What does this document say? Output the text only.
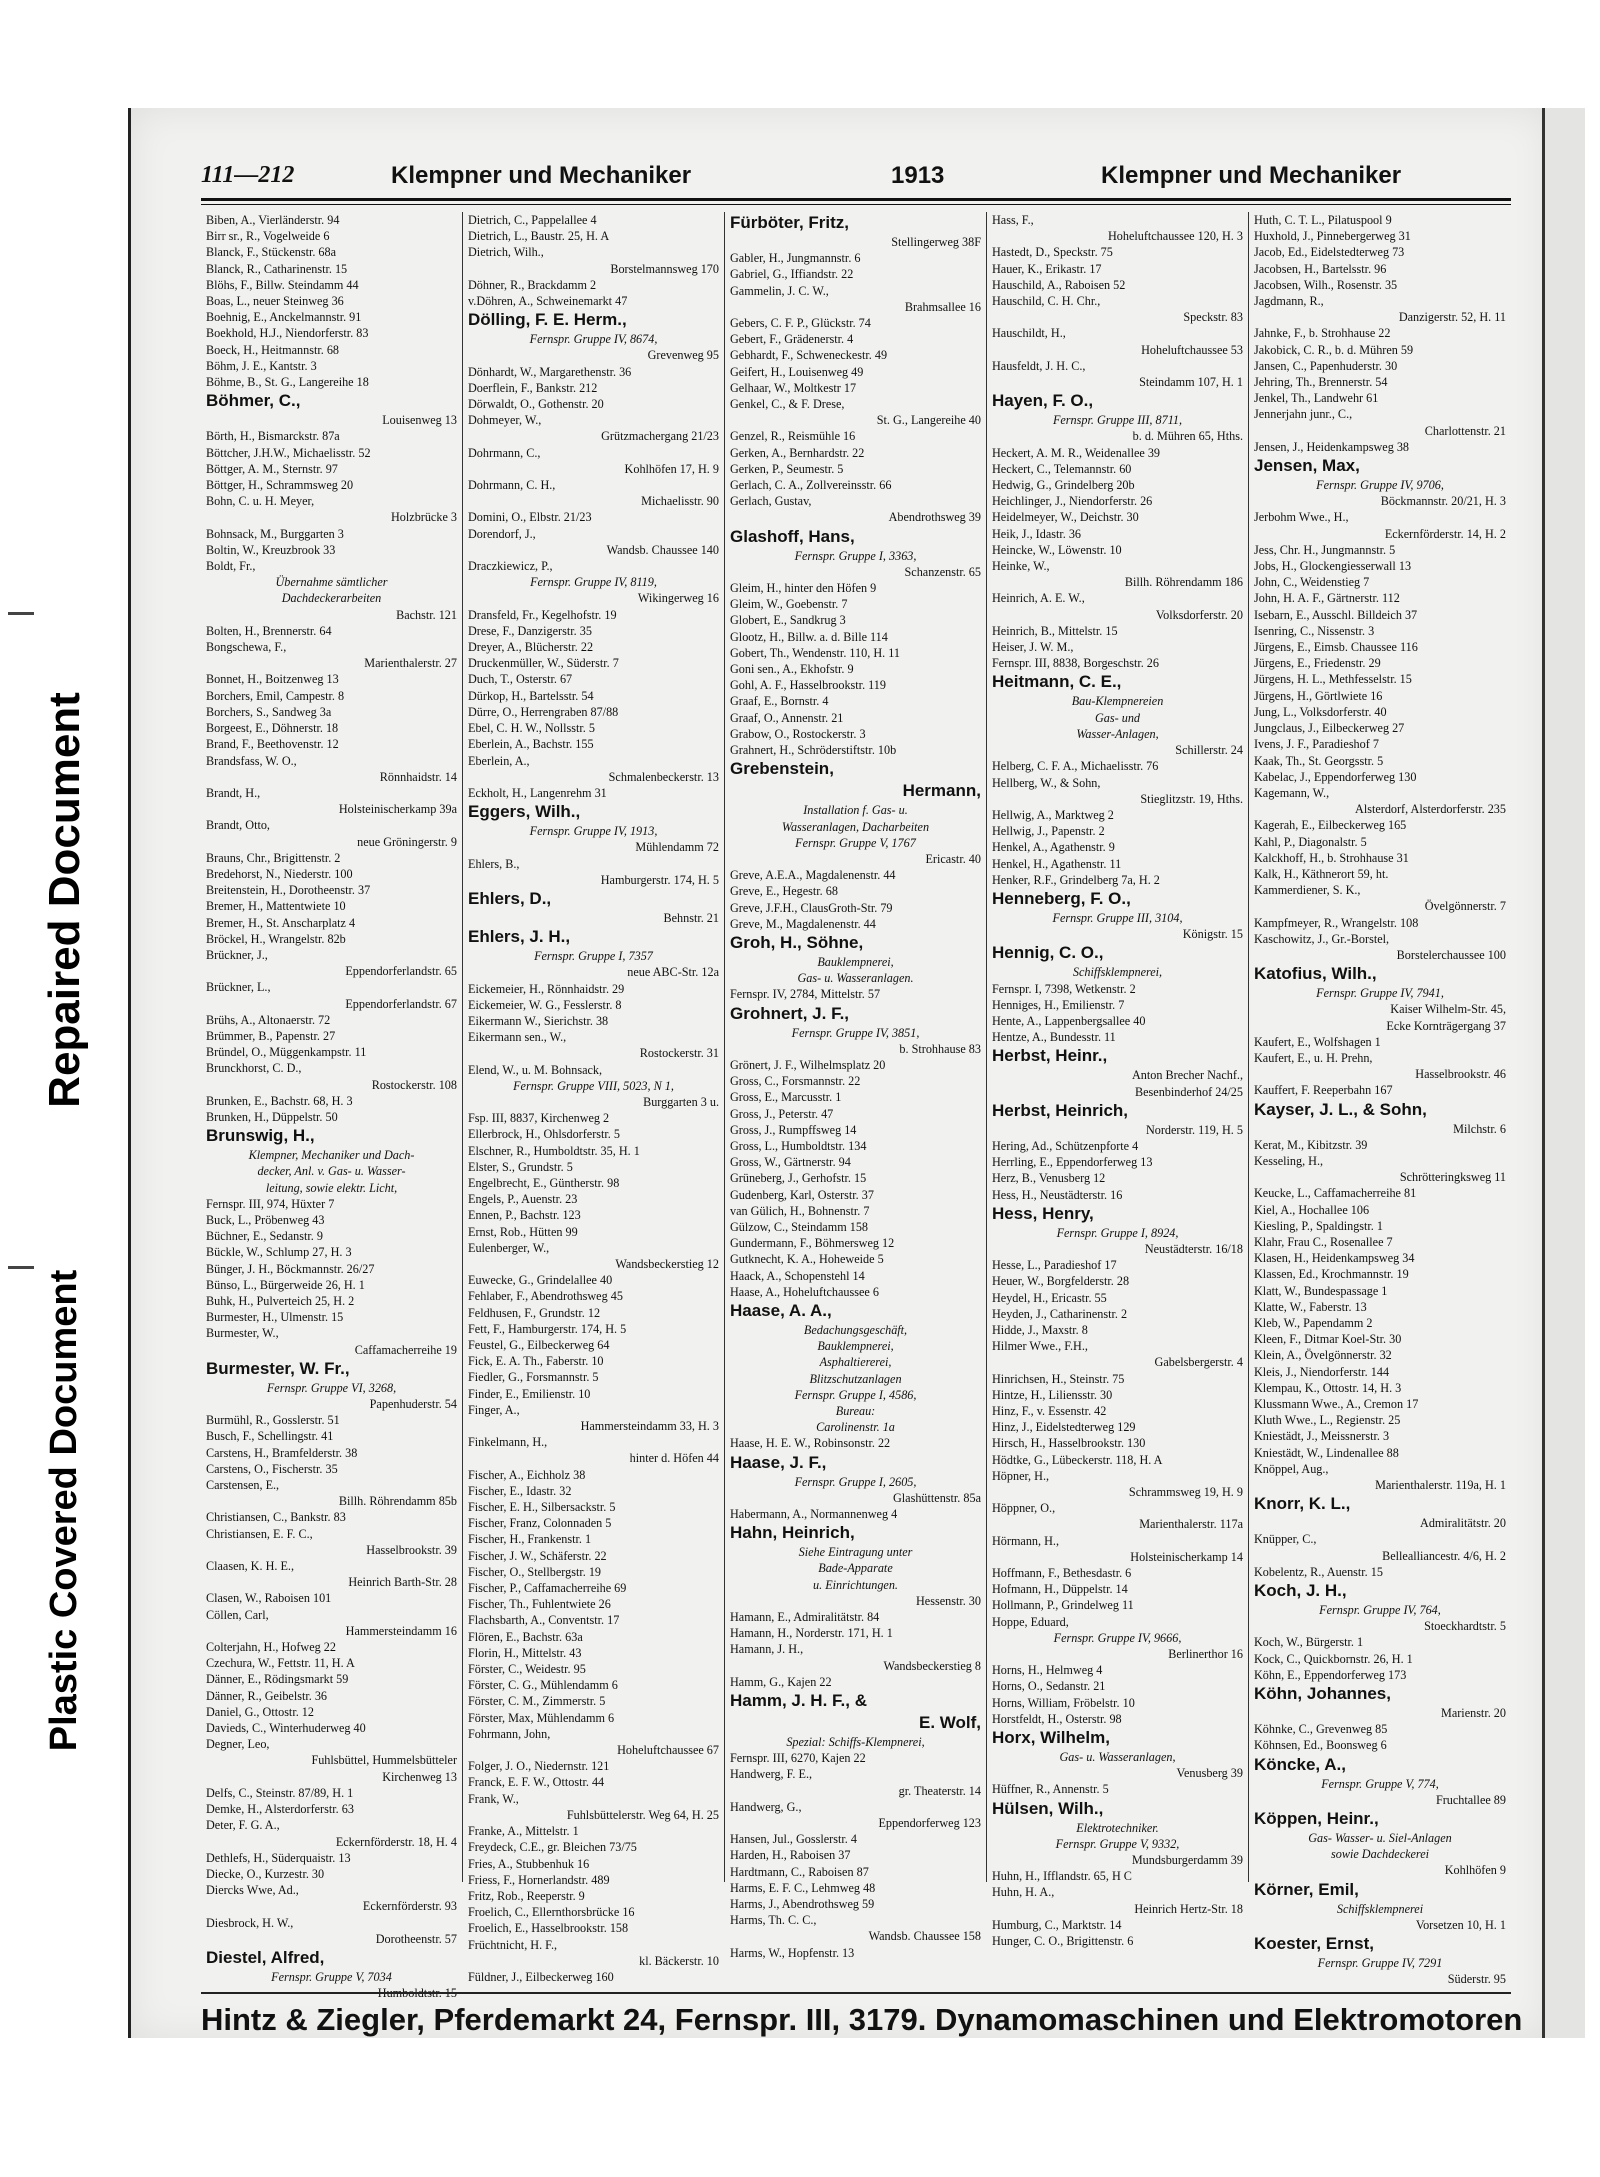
Repaired Document
Plastic Covered Document
111—212	Klempner und Mechaniker	1913	Klempner und Mechaniker
Biben, A., Vierländerstr. 94
Birr sr., R., Vogelweide 6
Blanck, F., Stückenstr. 68a
Blanck, R., Catharinenstr. 15
Blöhs, F., Billw. Steindamm 44
Boas, L., neuer Steinweg 36
Boehnig, E., Anckelmannstr. 91
Boekhold, H.J., Niendorferstr. 83
Boeck, H., Heitmannstr. 68
Böhm, J. E., Kantstr. 3
Böhme, B., St. G., Langereihe 18
Böhmer, C.,
Louisenweg 13
Börth, H., Bismarckstr. 87a
Böttcher, J.H.W., Michaelisstr. 52
Böttger, A. M., Sternstr. 97
Böttger, H., Schrammsweg 20
Bohn, C. u. H. Meyer,
Holzbrücke 3
Bohnsack, M., Burggarten 3
Boltin, W., Kreuzbrook 33
Boldt, Fr.,
Übernahme sämtlicher
Dachdeckerarbeiten
Bachstr. 121
Bolten, H., Brennerstr. 64
Bongschewa, F.,
Marienthalerstr. 27
Bonnet, H., Boitzenweg 13
Borchers, Emil, Campestr. 8
Borchers, S., Sandweg 3a
Borgeest, E., Döhnerstr. 18
Brand, F., Beethovenstr. 12
Brandsfass, W. O.,
Rönnhaidstr. 14
Brandt, H.,
Holsteinischerkamp 39a
Brandt, Otto,
neue Gröningerstr. 9
Brauns, Chr., Brigittenstr. 2
Bredehorst, N., Niederstr. 100
Breitenstein, H., Dorotheenstr. 37
Bremer, H., Mattentwiete 10
Bremer, H., St. Anscharplatz 4
Bröckel, H., Wrangelstr. 82b
Brückner, J.,
Eppendorferlandstr. 65
Brückner, L.,
Eppendorferlandstr. 67
Brühs, A., Altonaerstr. 72
Brümmer, B., Papenstr. 27
Bründel, O., Müggenkampstr. 11
Brunckhorst, C. D.,
Rostockerstr. 108
Brunken, E., Bachstr. 68, H. 3
Brunken, H., Düppelstr. 50
Brunswig, H.,
Klempner, Mechaniker und Dach-
decker, Anl. v. Gas- u. Wasser-
leitung, sowie elektr. Licht,
Fernspr. III, 974, Hüxter 7
Buck, L., Pröbenweg 43
Büchner, E., Sedanstr. 9
Bückle, W., Schlump 27, H. 3
Bünger, J. H., Böckmannstr. 26/27
Bünso, L., Bürgerweide 26, H. 1
Buhk, H., Pulverteich 25, H. 2
Burmester, H., Ulmenstr. 15
Burmester, W.,
Caffamacherreihe 19
Burmester, W. Fr.,
Fernspr. Gruppe VI, 3268,
Papenhuderstr. 54
Burmühl, R., Gosslerstr. 51
Busch, F., Schellingstr. 41
Carstens, H., Bramfelderstr. 38
Carstens, O., Fischerstr. 35
Carstensen, E.,
Billh. Röhrendamm 85b
Christiansen, C., Bankstr. 83
Christiansen, E. F. C.,
Hasselbrookstr. 39
Claasen, K. H. E.,
Heinrich Barth-Str. 28
Clasen, W., Raboisen 101
Cöllen, Carl,
Hammersteindamm 16
Colterjahn, H., Hofweg 22
Czechura, W., Fettstr. 11, H. A
Dänner, E., Rödingsmarkt 59
Dänner, R., Geibelstr. 36
Daniel, G., Ottostr. 12
Davieds, C., Winterhuderweg 40
Degner, Leo,
Fuhlsbüttel, Hummelsbütteler
Kirchenweg 13
Delfs, C., Steinstr. 87/89, H. 1
Demke, H., Alsterdorferstr. 63
Deter, F. G. A.,
Eckernförderstr. 18, H. 4
Dethlefs, H., Süderquaistr. 13
Diecke, O., Kurzestr. 30
Diercks Wwe, Ad.,
Eckernförderstr. 93
Diesbrock, H. W.,
Dorotheenstr. 57
Diestel, Alfred,
Fernspr. Gruppe V, 7034
Humboldtstr. 15
Dietrich, C., Pappelallee 4
Dietrich, L., Baustr. 25, H. A
Dietrich, Wilh.,
Borstelmannsweg 170
Döhner, R., Brackdamm 2
v.Döhren, A., Schweinemarkt 47
Dölling, F. E. Herm.,
Fernspr. Gruppe IV, 8674,
Grevenweg 95
Dönhardt, W., Margarethenstr. 36
Doerflein, F., Bankstr. 212
Dörwaldt, O., Gothenstr. 20
Dohmeyer, W.,
Grützmachergang 21/23
Dohrmann, C.,
Kohlhöfen 17, H. 9
Dohrmann, C. H.,
Michaelisstr. 90
Domini, O., Elbstr. 21/23
Dorendorf, J.,
Wandsb. Chaussee 140
Draczkiewicz, P.,
Fernspr. Gruppe IV, 8119,
Wikingerweg 16
Dransfeld, Fr., Kegelhofstr. 19
Drese, F., Danzigerstr. 35
Dreyer, A., Blücherstr. 22
Druckenmüller, W., Süderstr. 7
Duch, T., Osterstr. 67
Dürkop, H., Bartelsstr. 54
Dürre, O., Herrengraben 87/88
Ebel, C. H. W., Nollsstr. 5
Eberlein, A., Bachstr. 155
Eberlein, A.,
Schmalenbeckerstr. 13
Eckholt, H., Langenrehm 31
Eggers, Wilh.,
Fernspr. Gruppe IV, 1913,
Mühlendamm 72
Ehlers, B.,
Hamburgerstr. 174, H. 5
Ehlers, D.,
Behnstr. 21
Ehlers, J. H.,
Fernspr. Gruppe I, 7357
neue ABC-Str. 12a
Eickemeier, H., Rönnhaidstr. 29
Eickemeier, W. G., Fesslerstr. 8
Eikermann W., Sierichstr. 38
Eikermann sen., W.,
Rostockerstr. 31
Elend, W., u. M. Bohnsack,
Fernspr. Gruppe VIII, 5023, N 1,
Burggarten 3 u.
Fsp. III, 8837, Kirchenweg 2
Ellerbrock, H., Ohlsdorferstr. 5
Elschner, R., Humboldtstr. 35, H. 1
Elster, S., Grundstr. 5
Engelbrecht, E., Güntherstr. 98
Engels, P., Auenstr. 23
Ennen, P., Bachstr. 123
Ernst, Rob., Hütten 99
Eulenberger, W.,
Wandsbeckerstieg 12
Euwecke, G., Grindelallee 40
Fehlaber, F., Abendrothsweg 45
Feldhusen, F., Grundstr. 12
Fett, F., Hamburgerstr. 174, H. 5
Feustel, G., Eilbeckerweg 64
Fick, E. A. Th., Faberstr. 10
Fiedler, G., Forsmannstr. 5
Finder, E., Emilienstr. 10
Finger, A.,
Hammersteindamm 33, H. 3
Finkelmann, H.,
hinter d. Höfen 44
Fischer, A., Eichholz 38
Fischer, E., Idastr. 32
Fischer, E. H., Silbersackstr. 5
Fischer, Franz, Colonnaden 5
Fischer, H., Frankenstr. 1
Fischer, J. W., Schäferstr. 22
Fischer, O., Stellbergstr. 19
Fischer, P., Caffamacherreihe 69
Fischer, Th., Fuhlentwiete 26
Flachsbarth, A., Conventstr. 17
Flören, E., Bachstr. 63a
Florin, H., Mittelstr. 43
Förster, C., Weidestr. 95
Förster, C. G., Mühlendamm 6
Förster, C. M., Zimmerstr. 5
Förster, Max, Mühlendamm 6
Fohrmann, John,
Hoheluftchaussee 67
Folger, J. O., Niedernstr. 121
Franck, E. F. W., Ottostr. 44
Frank, W.,
Fuhlsbüttelerstr. Weg 64, H. 25
Franke, A., Mittelstr. 1
Freydeck, C.E., gr. Bleichen 73/75
Fries, A., Stubbenhuk 16
Friess, F., Hornerlandstr. 489
Fritz, Rob., Reeperstr. 9
Froelich, C., Ellernthorsbrücke 16
Froelich, E., Hasselbrookstr. 158
Früchtnicht, H. F.,
kl. Bäckerstr. 10
Füldner, J., Eilbeckerweg 160
Fürböter, Fritz,
Stellingerweg 38F
Gabler, H., Jungmannstr. 6
Gabriel, G., Iffiandstr. 22
Gammelin, J. C. W.,
Brahmsallee 16
Gebers, C. F. P., Glückstr. 74
Gebert, F., Grädenerstr. 4
Gebhardt, F., Schweneckestr. 49
Geifert, H., Louisenweg 49
Gelhaar, W., Moltkestr 17
Genkel, C., & F. Drese,
St. G., Langereihe 40
Genzel, R., Reismühle 16
Gerken, A., Bernhardstr. 22
Gerken, P., Seumestr. 5
Gerlach, C. A., Zollvereinsstr. 66
Gerlach, Gustav,
Abendrothsweg 39
Glashoff, Hans,
Fernspr. Gruppe I, 3363,
Schanzenstr. 65
Gleim, H., hinter den Höfen 9
Gleim, W., Goebenstr. 7
Globert, E., Sandkrug 3
Glootz, H., Billw. a. d. Bille 114
Gobert, Th., Wendenstr. 110, H. 11
Goni sen., A., Ekhofstr. 9
Gohl, A. F., Hasselbrookstr. 119
Graaf, E., Bornstr. 4
Graaf, O., Annenstr. 21
Grabow, O., Rostockerstr. 3
Grahnert, H., Schröderstiftstr. 10b
Grebenstein,
Hermann,
Installation f. Gas- u.
Wasseranlagen, Dacharbeiten
Fernspr. Gruppe V, 1767
Ericastr. 40
Greve, A.E.A., Magdalenenstr. 44
Greve, E., Hegestr. 68
Greve, J.F.H., ClausGroth-Str. 79
Greve, M., Magdalenenstr. 44
Groh, H., Söhne,
Bauklempnerei,
Gas- u. Wasseranlagen.
Fernspr. IV, 2784, Mittelstr. 57
Grohnert, J. F.,
Fernspr. Gruppe IV, 3851,
b. Strohhause 83
Grönert, J. F., Wilhelmsplatz 20
Gross, C., Forsmannstr. 22
Gross, E., Marcusstr. 1
Gross, J., Peterstr. 47
Gross, J., Rumpffsweg 14
Gross, L., Humboldtstr. 134
Gross, W., Gärtnerstr. 94
Grüneberg, J., Gerhofstr. 15
Gudenberg, Karl, Osterstr. 37
van Gülich, H., Bohnenstr. 7
Gülzow, C., Steindamm 158
Gundermann, F., Böhmersweg 12
Gutknecht, K. A., Hoheweide 5
Haack, A., Schopenstehl 14
Haase, A., Hoheluftchaussee 6
Haase, A. A.,
Bedachungsgeschäft,
Bauklempnerei,
Asphaltiererei,
Blitzschutzanlagen
Fernspr. Gruppe I, 4586,
Bureau:
Carolinenstr. 1a
Haase, H. E. W., Robinsonstr. 22
Haase, J. F.,
Fernspr. Gruppe I, 2605,
Glashüttenstr. 85a
Habermann, A., Normannenweg 4
Hahn, Heinrich,
Siehe Eintragung unter
Bade-Apparate
u. Einrichtungen.
Hessenstr. 30
Hamann, E., Admiralitätstr. 84
Hamann, H., Norderstr. 171, H. 1
Hamann, J. H.,
Wandsbeckerstieg 8
Hamm, G., Kajen 22
Hamm, J. H. F., &
E. Wolf,
Spezial: Schiffs-Klempnerei,
Fernspr. III, 6270, Kajen 22
Handwerg, F. E.,
gr. Theaterstr. 14
Handwerg, G.,
Eppendorferweg 123
Hansen, Jul., Gosslerstr. 4
Harden, H., Raboisen 37
Hardtmann, C., Raboisen 87
Harms, E. F. C., Lehmweg 48
Harms, J., Abendrothsweg 59
Harms, Th. C. C.,
Wandsb. Chaussee 158
Harms, W., Hopfenstr. 13
Hass, F.,
Hoheluftchaussee 120, H. 3
Hastedt, D., Speckstr. 75
Hauer, K., Erikastr. 17
Hauschild, A., Raboisen 52
Hauschild, C. H. Chr.,
Speckstr. 83
Hauschildt, H.,
Hoheluftchaussee 53
Hausfeldt, J. H. C.,
Steindamm 107, H. 1
Hayen, F. O.,
Fernspr. Gruppe III, 8711,
b. d. Mühren 65, Hths.
Heckert, A. M. R., Weidenallee 39
Heckert, C., Telemannstr. 60
Hedwig, G., Grindelberg 20b
Heichlinger, J., Niendorferstr. 26
Heidelmeyer, W., Deichstr. 30
Heik, J., Idastr. 36
Heincke, W., Löwenstr. 10
Heinke, W.,
Billh. Röhrendamm 186
Heinrich, A. E. W.,
Volksdorferstr. 20
Heinrich, B., Mittelstr. 15
Heiser, J. W. M.,
Fernspr. III, 8838, Borgeschstr. 26
Heitmann, C. E.,
Bau-Klempnereien
Gas- und
Wasser-Anlagen,
Schillerstr. 24
Helberg, C. F. A., Michaelisstr. 76
Hellberg, W., & Sohn,
Stieglitzstr. 19, Hths.
Hellwig, A., Marktweg 2
Hellwig, J., Papenstr. 2
Henkel, A., Agathenstr. 9
Henkel, H., Agathenstr. 11
Henker, R.F., Grindelberg 7a, H. 2
Henneberg, F. O.,
Fernspr. Gruppe III, 3104,
Königstr. 15
Hennig, C. O.,
Schiffsklempnerei,
Fernspr. I, 7398, Wetkenstr. 2
Henniges, H., Emilienstr. 7
Hente, A., Lappenbergsallee 40
Hentze, A., Bundesstr. 11
Herbst, Heinr.,
Anton Brecher Nachf.,
Besenbinderhof 24/25
Herbst, Heinrich,
Norderstr. 119, H. 5
Hering, Ad., Schützenpforte 4
Herrling, E., Eppendorferweg 13
Herz, B., Venusberg 12
Hess, H., Neustädterstr. 16
Hess, Henry,
Fernspr. Gruppe I, 8924,
Neustädterstr. 16/18
Hesse, L., Paradieshof 17
Heuer, W., Borgfelderstr. 28
Heydel, H., Ericastr. 55
Heyden, J., Catharinenstr. 2
Hidde, J., Maxstr. 8
Hilmer Wwe., F.H.,
Gabelsbergerstr. 4
Hinrichsen, H., Steinstr. 75
Hintze, H., Liliensstr. 30
Hinz, F., v. Essenstr. 42
Hinz, J., Eidelstedterweg 129
Hirsch, H., Hasselbrookstr. 130
Hödtke, G., Lübeckerstr. 118, H. A
Höpner, H.,
Schrammsweg 19, H. 9
Höppner, O.,
Marienthalerstr. 117a
Hörmann, H.,
Holsteinischerkamp 14
Hoffmann, F., Bethesdastr. 6
Hofmann, H., Düppelstr. 14
Hollmann, P., Grindelweg 11
Hoppe, Eduard,
Fernspr. Gruppe IV, 9666,
Berlinerthor 16
Horns, H., Helmweg 4
Horns, O., Sedanstr. 21
Horns, William, Fröbelstr. 10
Horstfeldt, H., Osterstr. 98
Horx, Wilhelm,
Gas- u. Wasseranlagen,
Venusberg 39
Hüffner, R., Annenstr. 5
Hülsen, Wilh.,
Elektrotechniker.
Fernspr. Gruppe V, 9332,
Mundsburgerdamm 39
Huhn, H., Ifflandstr. 65, H C
Huhn, H. A.,
Heinrich Hertz-Str. 18
Humburg, C., Marktstr. 14
Hunger, C. O., Brigittenstr. 6
Huth, C. T. L., Pilatuspool 9
Huxhold, J., Pinnebergerweg 31
Jacob, Ed., Eidelstedterweg 73
Jacobsen, H., Bartelsstr. 96
Jacobsen, Wilh., Rosenstr. 35
Jagdmann, R.,
Danzigerstr. 52, H. 11
Jahnke, F., b. Strohhause 22
Jakobick, C. R., b. d. Mühren 59
Jansen, C., Papenhuderstr. 30
Jehring, Th., Brennerstr. 54
Jenkel, Th., Landwehr 61
Jennerjahn junr., C.,
Charlottenstr. 21
Jensen, J., Heidenkampsweg 38
Jensen, Max,
Fernspr. Gruppe IV, 9706,
Böckmannstr. 20/21, H. 3
Jerbohm Wwe., H.,
Eckernförderstr. 14, H. 2
Jess, Chr. H., Jungmannstr. 5
Jobs, H., Glockengiesserwall 13
John, C., Weidenstieg 7
John, H. A. F., Gärtnerstr. 112
Isebarn, E., Ausschl. Billdeich 37
Isenring, C., Nissenstr. 3
Jürgens, E., Eimsb. Chaussee 116
Jürgens, E., Friedenstr. 29
Jürgens, H. L., Methfesselstr. 15
Jürgens, H., Görtlwiete 16
Jung, L., Volksdorferstr. 40
Jungclaus, J., Eilbeckerweg 27
Ivens, J. F., Paradieshof 7
Kaak, Th., St. Georgsstr. 5
Kabelac, J., Eppendorferweg 130
Kagemann, W.,
Alsterdorf, Alsterdorferstr. 235
Kagerah, E., Eilbeckerweg 165
Kahl, P., Diagonalstr. 5
Kalckhoff, H., b. Strohhause 31
Kalk, H., Käthnerort 59, ht.
Kammerdiener, S. K.,
Övelgönnerstr. 7
Kampfmeyer, R., Wrangelstr. 108
Kaschowitz, J., Gr.-Borstel,
Borstelerchaussee 100
Katofius, Wilh.,
Fernspr. Gruppe IV, 7941,
Kaiser Wilhelm-Str. 45,
Ecke Kornträgergang 37
Kaufert, E., Wolfshagen 1
Kaufert, E., u. H. Prehn,
Hasselbrookstr. 46
Kauffert, F. Reeperbahn 167
Kayser, J. L., & Sohn,
Milchstr. 6
Kerat, M., Kibitzstr. 39
Kesseling, H.,
Schrötteringksweg 11
Keucke, L., Caffamacherreihe 81
Kiel, A., Hochallee 106
Kiesling, P., Spaldingstr. 1
Klahr, Frau C., Rosenallee 7
Klasen, H., Heidenkampsweg 34
Klassen, Ed., Krochmannstr. 19
Klatt, W., Bundespassage 1
Klatte, W., Faberstr. 13
Kleb, W., Papendamm 2
Kleen, F., Ditmar Koel-Str. 30
Klein, A., Övelgönnerstr. 32
Kleis, J., Niendorferstr. 144
Klempau, K., Ottostr. 14, H. 3
Klussmann Wwe., A., Cremon 17
Kluth Wwe., L., Regienstr. 25
Kniestädt, J., Meissnerstr. 3
Kniestädt, W., Lindenallee 88
Knöppel, Aug.,
Marienthalerstr. 119a, H. 1
Knorr, K. L.,
Admiralitätstr. 20
Knüpper, C.,
Bellealliancestr. 4/6, H. 2
Kobelentz, R., Auenstr. 15
Koch, J. H.,
Fernspr. Gruppe IV, 764,
Stoeckhardtstr. 5
Koch, W., Bürgerstr. 1
Kock, C., Quickbornstr. 26, H. 1
Köhn, E., Eppendorferweg 173
Köhn, Johannes,
Marienstr. 20
Köhnke, C., Grevenweg 85
Köhnsen, Ed., Boonsweg 6
Köncke, A.,
Fernspr. Gruppe V, 774,
Fruchtallee 89
Köppen, Heinr.,
Gas- Wasser- u. Siel-Anlagen
sowie Dachdeckerei
Kohlhöfen 9
Körner, Emil,
Schiffsklempnerei
Vorsetzen 10, H. 1
Koester, Ernst,
Fernspr. Gruppe IV, 7291
Süderstr. 95
Hintz & Ziegler, Pferdemarkt 24, Fernspr. III, 3179. Dynamomaschinen und Elektromotoren
